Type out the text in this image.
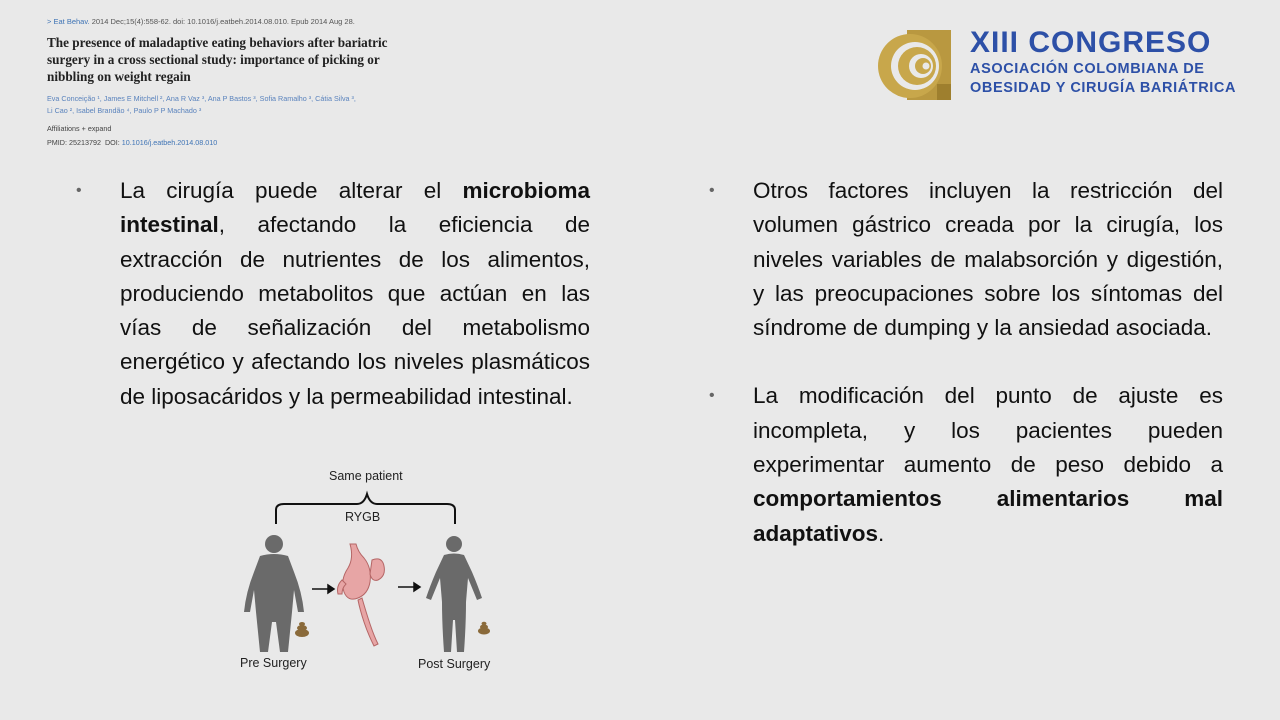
> Eat Behav. 2014 Dec;15(4):558-62. doi: 10.1016/j.eatbeh.2014.08.010. Epub 2014 Aug 28.
The presence of maladaptive eating behaviors after bariatric surgery in a cross sectional study: importance of picking or nibbling on weight regain
Eva Conceição ¹, James E Mitchell ², Ana R Vaz ³, Ana P Bastos ³, Sofia Ramalho ³, Cátia Silva ³,
Li Cao ², Isabel Brandão ⁴, Paulo P P Machado ³
Affiliations + expand
PMID: 25213792 DOI: 10.1016/j.eatbeh.2014.08.010
XIII CONGRESO
ASOCIACIÓN COLOMBIANA DE
OBESIDAD Y CIRUGÍA BARIÁTRICA
• La cirugía puede alterar el microbioma intestinal, afectando la eficiencia de extracción de nutrientes de los alimentos, produciendo metabolitos que actúan en las vías de señalización del metabolismo energético y afectando los niveles plasmáticos de liposacáridos y la permeabilidad intestinal.
• Otros factores incluyen la restricción del volumen gástrico creada por la cirugía, los niveles variables de malabsorción y digestión, y las preocupaciones sobre los síntomas del síndrome de dumping y la ansiedad asociada.
• La modificación del punto de ajuste es incompleta, y los pacientes pueden experimentar aumento de peso debido a comportamientos alimentarios mal adaptativos.
Same patient
RYGB
Pre Surgery	Post Surgery
